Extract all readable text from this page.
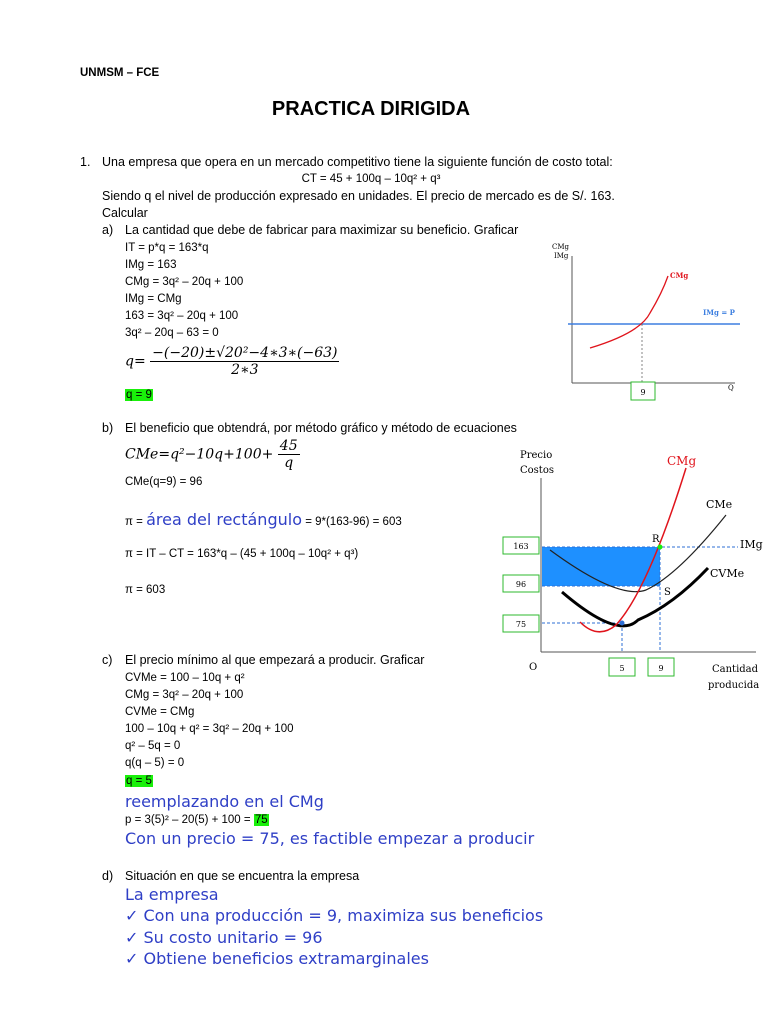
UNMSM – FCE
PRACTICA DIRIGIDA
1. Una empresa que opera en un mercado competitivo tiene la siguiente función de costo total:
CT = 45 + 100q – 10q² + q³
Siendo q el nivel de producción expresado en unidades. El precio de mercado es de S/. 163.
Calcular
a) La cantidad que debe de fabricar para maximizar su beneficio. Graficar
IT = p*q = 163*q
IMg = 163
CMg = 3q² – 20q + 100
IMg = CMg
163 = 3q² – 20q + 100
3q² – 20q – 63 = 0
$q= \frac{\text{−(−20)±√20²−4∗3∗(−63)}}{2∗3}$
q = 9
CMg
IMg
Q
CMg
IMg = P
9
b) El beneficio que obtendrá, por método gráfico y método de ecuaciones
$CMe=q^2-10q+100+ \frac{45}{q}$
CMe(q=9) = 96
π = área del rectángulo = 9*(163-96) = 603
π = IT – CT = 163*q – (45 + 100q – 10q² + q³)
π = 603
Precio
Costos
O	Cantidad
producida
CMg
CMe
IMg
CVMe
R
S
163
96
75
5	9
c) El precio mínimo al que empezará a producir. Graficar
CVMe = 100 – 10q + q²
CMg = 3q² – 20q + 100
CVMe = CMg
100 – 10q + q² = 3q² – 20q + 100
q² – 5q = 0
q(q – 5) = 0
q = 5
reemplazando en el CMg
p = 3(5)² – 20(5) + 100 = 75
Con un precio = 75, es factible empezar a producir
d) Situación en que se encuentra la empresa
La empresa
✓ Con una producción = 9, maximiza sus beneficios
✓ Su costo unitario = 96
✓ Obtiene beneficios extramarginales
